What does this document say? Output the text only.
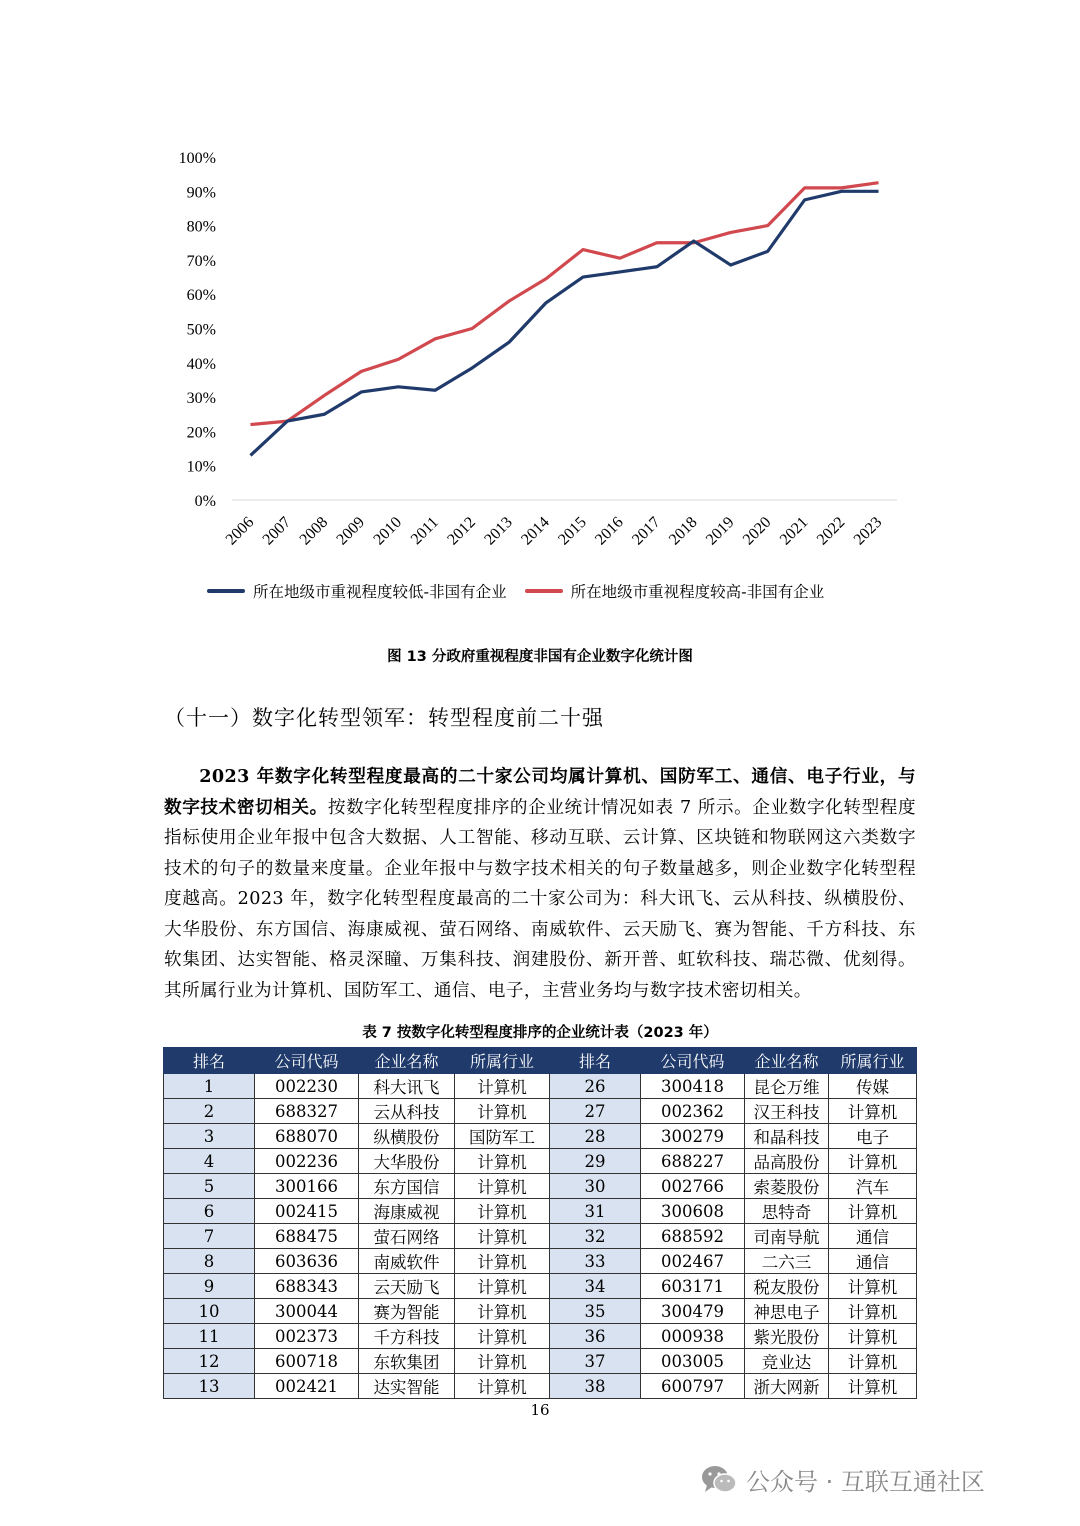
100%
90%
80%
70%
60%
50%
40%
30%
20%
10%
0%
2006 2007 2008 2009 2010 2011 2012 2013 2014 2015 2016 2017 2018 2019 2020 2021 2022 2023
所在地级市重视程度较低-非国有企业	所在地级市重视程度较高-非国有企业
图 13 分政府重视程度非国有企业数字化统计图
（十一）数字化转型领军：转型程度前二十强
2023 年数字化转型程度最高的二十家公司均属计算机、国防军工、通信、电子行业，与数字技术密切相关。按数字化转型程度排序的企业统计情况如表 7 所示。企业数字化转型程度指标使用企业年报中包含大数据、人工智能、移动互联、云计算、区块链和物联网这六类数字技术的句子的数量来度量。企业年报中与数字技术相关的句子数量越多，则企业数字化转型程度越高。2023 年，数字化转型程度最高的二十家公司为：科大讯飞、云从科技、纵横股份、大华股份、东方国信、海康威视、萤石网络、南威软件、云天励飞、赛为智能、千方科技、东软集团、达实智能、格灵深瞳、万集科技、润建股份、新开普、虹软科技、瑞芯微、优刻得。其所属行业为计算机、国防军工、通信、电子，主营业务均与数字技术密切相关。
表 7 按数字化转型程度排序的企业统计表（2023 年）
排名	公司代码	企业名称	所属行业	排名	公司代码	企业名称	所属行业
1	002230	科大讯飞	计算机	26	300418	昆仑万维	传媒
2	688327	云从科技	计算机	27	002362	汉王科技	计算机
3	688070	纵横股份	国防军工	28	300279	和晶科技	电子
4	002236	大华股份	计算机	29	688227	品高股份	计算机
5	300166	东方国信	计算机	30	002766	索菱股份	汽车
6	002415	海康威视	计算机	31	300608	思特奇	计算机
7	688475	萤石网络	计算机	32	688592	司南导航	通信
8	603636	南威软件	计算机	33	002467	二六三	通信
9	688343	云天励飞	计算机	34	603171	税友股份	计算机
10	300044	赛为智能	计算机	35	300479	神思电子	计算机
11	002373	千方科技	计算机	36	000938	紫光股份	计算机
12	600718	东软集团	计算机	37	003005	竞业达	计算机
13	002421	达实智能	计算机	38	600797	浙大网新	计算机
16
公众号 · 互联互通社区
